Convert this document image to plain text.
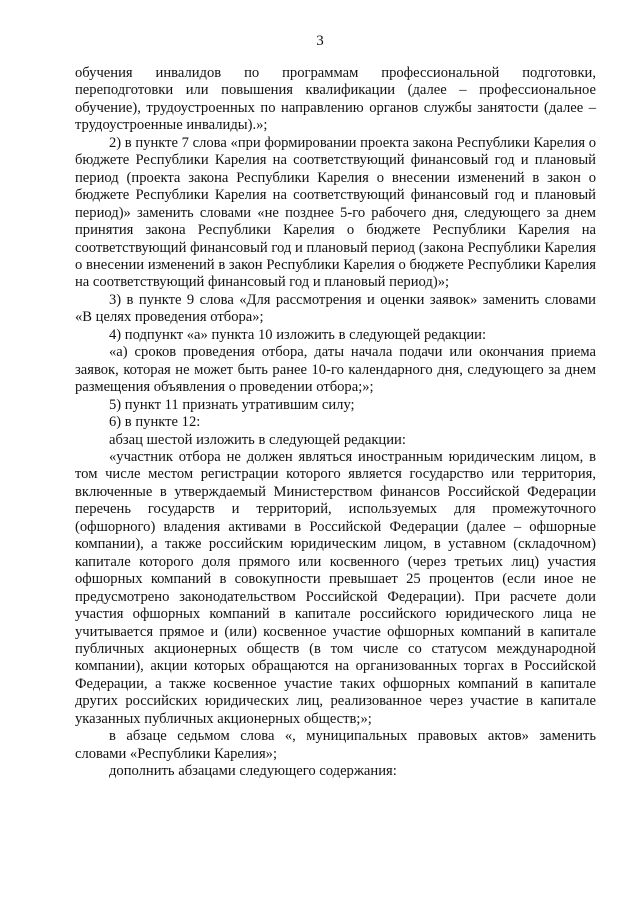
3

обучения инвалидов по программам профессиональной подготовки, переподготовки или повышения квалификации (далее – профессиональное обучение), трудоустроенных по направлению органов службы занятости (далее – трудоустроенные инвалиды).»;

2) в пункте 7 слова «при формировании проекта закона Республики Карелия о бюджете Республики Карелия на соответствующий финансовый год и плановый период (проекта закона Республики Карелия о внесении изменений в закон о бюджете Республики Карелия на соответствующий финансовый год и плановый период)» заменить словами «не позднее 5-го рабочего дня, следующего за днем принятия закона Республики Карелия о бюджете Республики Карелия на соответствующий финансовый год и плановый период (закона Республики Карелия о внесении изменений в закон Республики Карелия о бюджете Республики Карелия на соответствующий финансовый год и плановый период)»;

3) в пункте 9 слова «Для рассмотрения и оценки заявок» заменить словами «В целях проведения отбора»;

4) подпункт «а» пункта 10 изложить в следующей редакции:

«а) сроков проведения отбора, даты начала подачи или окончания приема заявок, которая не может быть ранее 10-го календарного дня, следующего за днем размещения объявления о проведении отбора;»;

5) пункт 11 признать утратившим силу;

6) в пункте 12:

абзац шестой изложить в следующей редакции:

«участник отбора не должен являться иностранным юридическим лицом, в том числе местом регистрации которого является государство или территория, включенные в утверждаемый Министерством финансов Российской Федерации перечень государств и территорий, используемых для промежуточного (офшорного) владения активами в Российской Федерации (далее – офшорные компании), а также российским юридическим лицом, в уставном (складочном) капитале которого доля прямого или косвенного (через третьих лиц) участия офшорных компаний в совокупности превышает 25 процентов (если иное не предусмотрено законодательством Российской Федерации). При расчете доли участия офшорных компаний в капитале российского юридического лица не учитывается прямое и (или) косвенное участие офшорных компаний в капитале публичных акционерных обществ (в том числе со статусом международной компании), акции которых обращаются на организованных торгах в Российской Федерации, а также косвенное участие таких офшорных компаний в капитале других российских юридических лиц, реализованное через участие в капитале указанных публичных акционерных обществ;»;

в абзаце седьмом слова «, муниципальных правовых актов» заменить словами «Республики Карелия»;

дополнить абзацами следующего содержания:
